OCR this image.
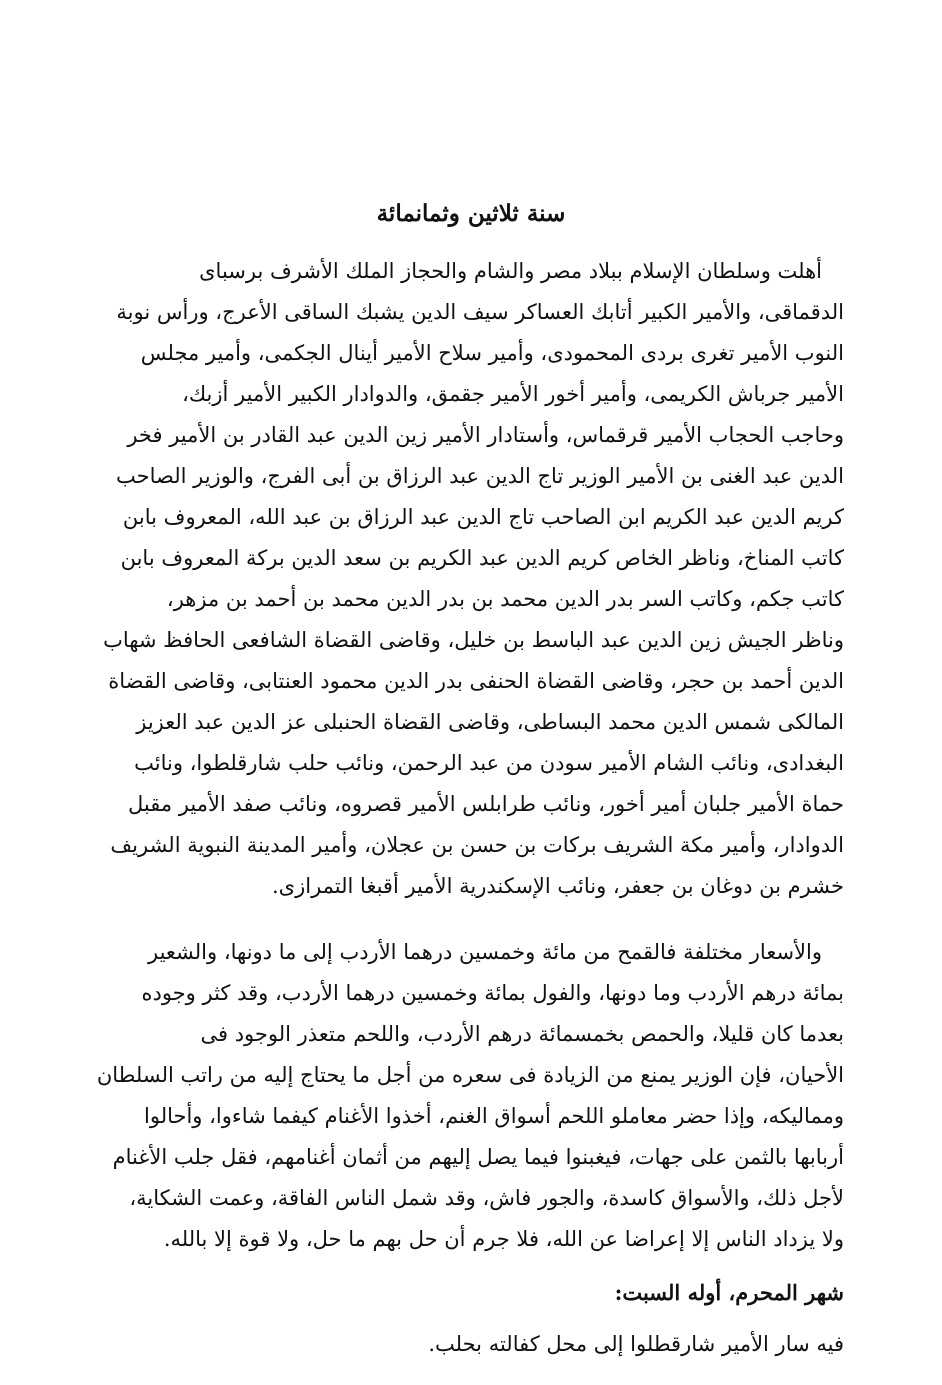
سنة ثلاثين وثمانمائة
أهلت وسلطان الإسلام ببلاد مصر والشام والحجاز الملك الأشرف برسباى
الدقماقى، والأمير الكبير أتابك العساكر سيف الدين يشبك الساقى الأعرج، ورأس نوبة
النوب الأمير تغرى بردى المحمودى، وأمير سلاح الأمير أينال الجكمى، وأمير مجلس
الأمير جرباش الكريمى، وأمير أخور الأمير جقمق، والدوادار الكبير الأمير أزبك،
وحاجب الحجاب الأمير قرقماس، وأستادار الأمير زين الدين عبد القادر بن الأمير فخر
الدين عبد الغنى بن الأمير الوزير تاج الدين عبد الرزاق بن أبى الفرج، والوزير الصاحب
كريم الدين عبد الكريم ابن الصاحب تاج الدين عبد الرزاق بن عبد الله، المعروف بابن
كاتب المناخ، وناظر الخاص كريم الدين عبد الكريم بن سعد الدين بركة المعروف بابن
كاتب جكم، وكاتب السر بدر الدين محمد بن بدر الدين محمد بن أحمد بن مزهر،
وناظر الجيش زين الدين عبد الباسط بن خليل، وقاضى القضاة الشافعى الحافظ شهاب
الدين أحمد بن حجر، وقاضى القضاة الحنفى بدر الدين محمود العنتابى، وقاضى القضاة
المالكى شمس الدين محمد البساطى، وقاضى القضاة الحنبلى عز الدين عبد العزيز
البغدادى، ونائب الشام الأمير سودن من عبد الرحمن، ونائب حلب شارقلطوا، ونائب
حماة الأمير جلبان أمير أخور، ونائب طرابلس الأمير قصروه، ونائب صفد الأمير مقبل
الدوادار، وأمير مكة الشريف بركات بن حسن بن عجلان، وأمير المدينة النبوية الشريف
خشرم بن دوغان بن جعفر، ونائب الإسكندرية الأمير أقبغا التمرازى.
والأسعار مختلفة فالقمح من مائة وخمسين درهما الأردب إلى ما دونها، والشعير
بمائة درهم الأردب وما دونها، والفول بمائة وخمسين درهما الأردب، وقد كثر وجوده
بعدما كان قليلا، والحمص بخمسمائة درهم الأردب، واللحم متعذر الوجود فى
الأحيان، فإن الوزير يمنع من الزيادة فى سعره من أجل ما يحتاج إليه من راتب السلطان
ومماليكه، وإذا حضر معاملو اللحم أسواق الغنم، أخذوا الأغنام كيفما شاءوا، وأحالوا
أربابها بالثمن على جهات، فيغبنوا فيما يصل إليهم من أثمان أغنامهم، فقل جلب الأغنام
لأجل ذلك، والأسواق كاسدة، والجور فاش، وقد شمل الناس الفاقة، وعمت الشكاية،
ولا يزداد الناس إلا إعراضا عن الله، فلا جرم أن حل بهم ما حل، ولا قوة إلا بالله.
شهر المحرم، أوله السبت:
فيه سار الأمير شارقطلوا إلى محل كفالته بحلب.
